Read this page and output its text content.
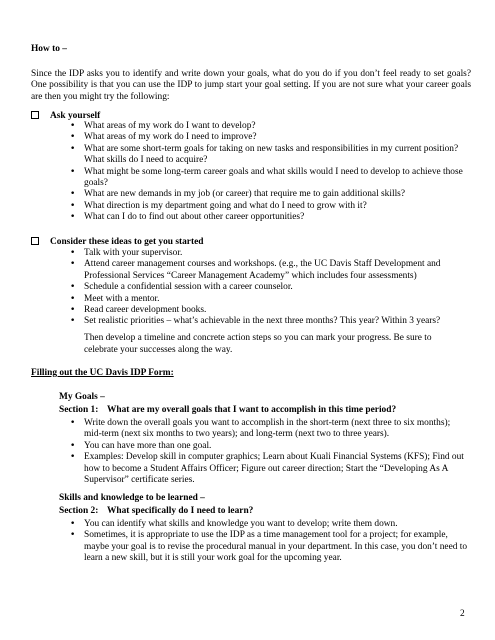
How to –
Since the IDP asks you to identify and write down your goals, what do you do if you don’t feel ready to set goals? One possibility is that you can use the IDP to jump start your goal setting. If you are not sure what your career goals are then you might try the following:
Ask yourself
• What areas of my work do I want to develop?
• What areas of my work do I need to improve?
• What are some short-term goals for taking on new tasks and responsibilities in my current position? What skills do I need to acquire?
• What might be some long-term career goals and what skills would I need to develop to achieve those goals?
• What are new demands in my job (or career) that require me to gain additional skills?
• What direction is my department going and what do I need to grow with it?
• What can I do to find out about other career opportunities?
Consider these ideas to get you started
• Talk with your supervisor.
• Attend career management courses and workshops. (e.g., the UC Davis Staff Development and Professional Services “Career Management Academy” which includes four assessments)
• Schedule a confidential session with a career counselor.
• Meet with a mentor.
• Read career development books.
• Set realistic priorities – what’s achievable in the next three months? This year? Within 3 years?
Then develop a timeline and concrete action steps so you can mark your progress. Be sure to celebrate your successes along the way.
Filling out the UC Davis IDP Form:
My Goals –
Section 1: What are my overall goals that I want to accomplish in this time period?
• Write down the overall goals you want to accomplish in the short-term (next three to six months); mid-term (next six months to two years); and long-term (next two to three years).
• You can have more than one goal.
• Examples: Develop skill in computer graphics; Learn about Kuali Financial Systems (KFS); Find out how to become a Student Affairs Officer; Figure out career direction; Start the “Developing As A Supervisor” certificate series.
Skills and knowledge to be learned –
Section 2: What specifically do I need to learn?
• You can identify what skills and knowledge you want to develop; write them down.
• Sometimes, it is appropriate to use the IDP as a time management tool for a project; for example, maybe your goal is to revise the procedural manual in your department. In this case, you don’t need to learn a new skill, but it is still your work goal for the upcoming year.
2
